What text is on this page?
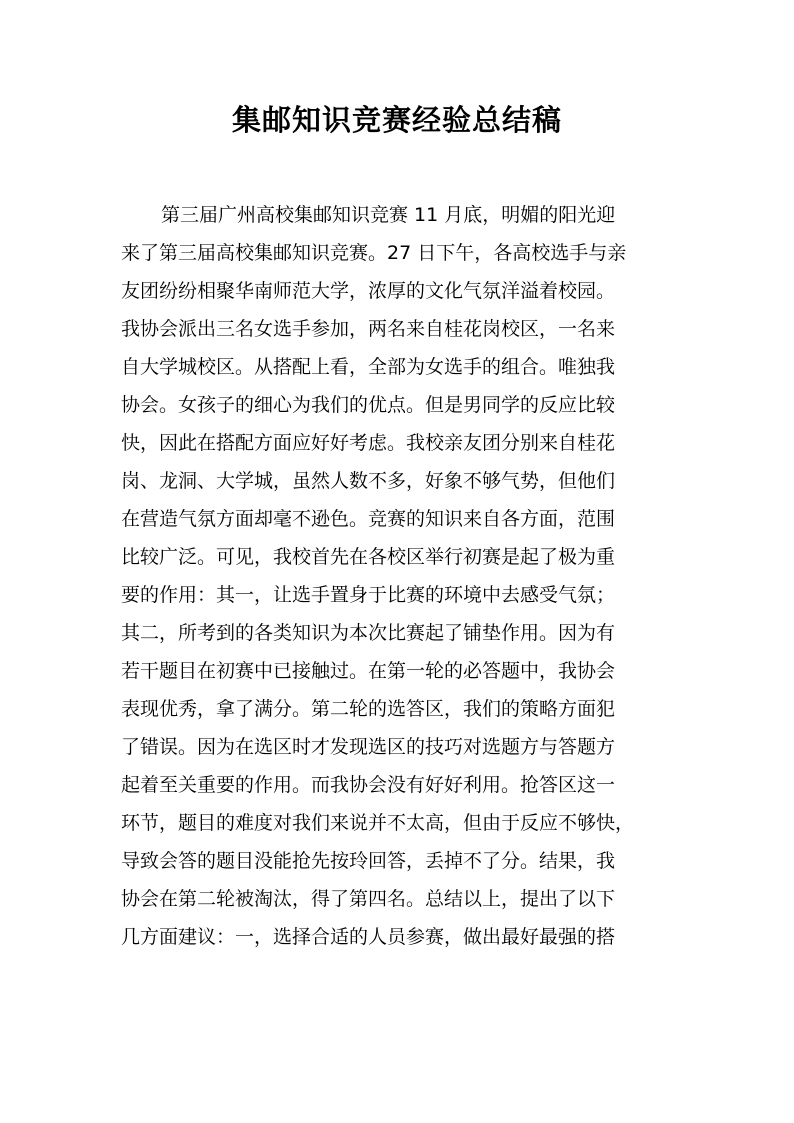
集邮知识竞赛经验总结稿
第三届广州高校集邮知识竞赛 11 月底，明媚的阳光迎
来了第三届高校集邮知识竞赛。27 日下午，各高校选手与亲
友团纷纷相聚华南师范大学，浓厚的文化气氛洋溢着校园。
我协会派出三名女选手参加，两名来自桂花岗校区，一名来
自大学城校区。从搭配上看，全部为女选手的组合。唯独我
协会。女孩子的细心为我们的优点。但是男同学的反应比较
快，因此在搭配方面应好好考虑。我校亲友团分别来自桂花
岗、龙洞、大学城，虽然人数不多，好象不够气势，但他们
在营造气氛方面却毫不逊色。竞赛的知识来自各方面，范围
比较广泛。可见，我校首先在各校区举行初赛是起了极为重
要的作用：其一，让选手置身于比赛的环境中去感受气氛；
其二，所考到的各类知识为本次比赛起了铺垫作用。因为有
若干题目在初赛中已接触过。在第一轮的必答题中，我协会
表现优秀，拿了满分。第二轮的选答区，我们的策略方面犯
了错误。因为在选区时才发现选区的技巧对选题方与答题方
起着至关重要的作用。而我协会没有好好利用。抢答区这一
环节，题目的难度对我们来说并不太高，但由于反应不够快，
导致会答的题目没能抢先按玲回答，丢掉不了分。结果，我
协会在第二轮被淘汰，得了第四名。总结以上，提出了以下
几方面建议：一，选择合适的人员参赛，做出最好最强的搭
